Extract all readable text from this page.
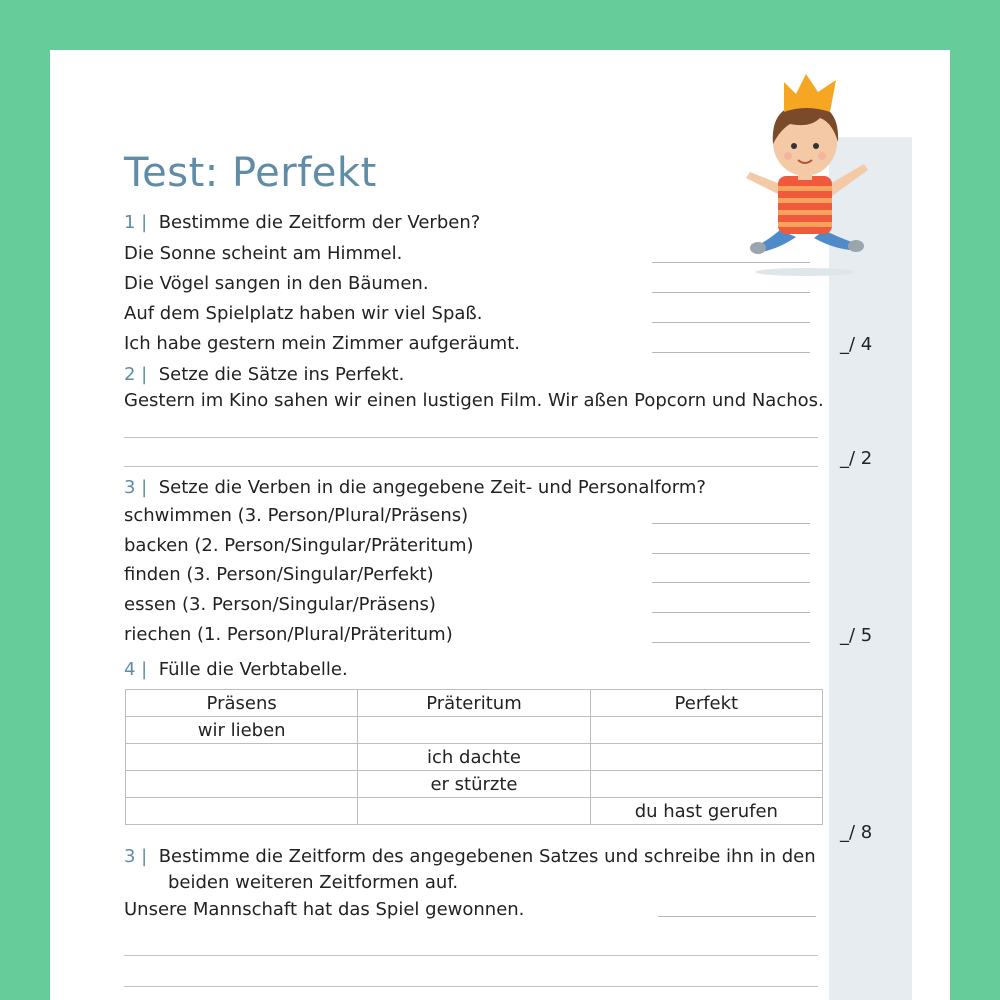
Test: Perfekt
1 | Bestimme die Zeitform der Verben?
Die Sonne scheint am Himmel.
Die Vögel sangen in den Bäumen.
Auf dem Spielplatz haben wir viel Spaß.
Ich habe gestern mein Zimmer aufgeräumt.	_/ 4
2 | Setze die Sätze ins Perfekt.
Gestern im Kino sahen wir einen lustigen Film. Wir aßen Popcorn und Nachos.
_/ 2
3 | Setze die Verben in die angegebene Zeit- und Personalform?
schwimmen (3. Person/Plural/Präsens)
backen (2. Person/Singular/Präteritum)
finden (3. Person/Singular/Perfekt)
essen (3. Person/Singular/Präsens)
riechen (1. Person/Plural/Präteritum)	_/ 5
4 | Fülle die Verbtabelle.
Präsens	Präteritum	Perfekt
wir lieben		
	ich dachte	
	er stürzte	
		du hast gerufen
_/ 8
3 | Bestimme die Zeitform des angegebenen Satzes und schreibe ihn in den
beiden weiteren Zeitformen auf.
Unsere Mannschaft hat das Spiel gewonnen.
